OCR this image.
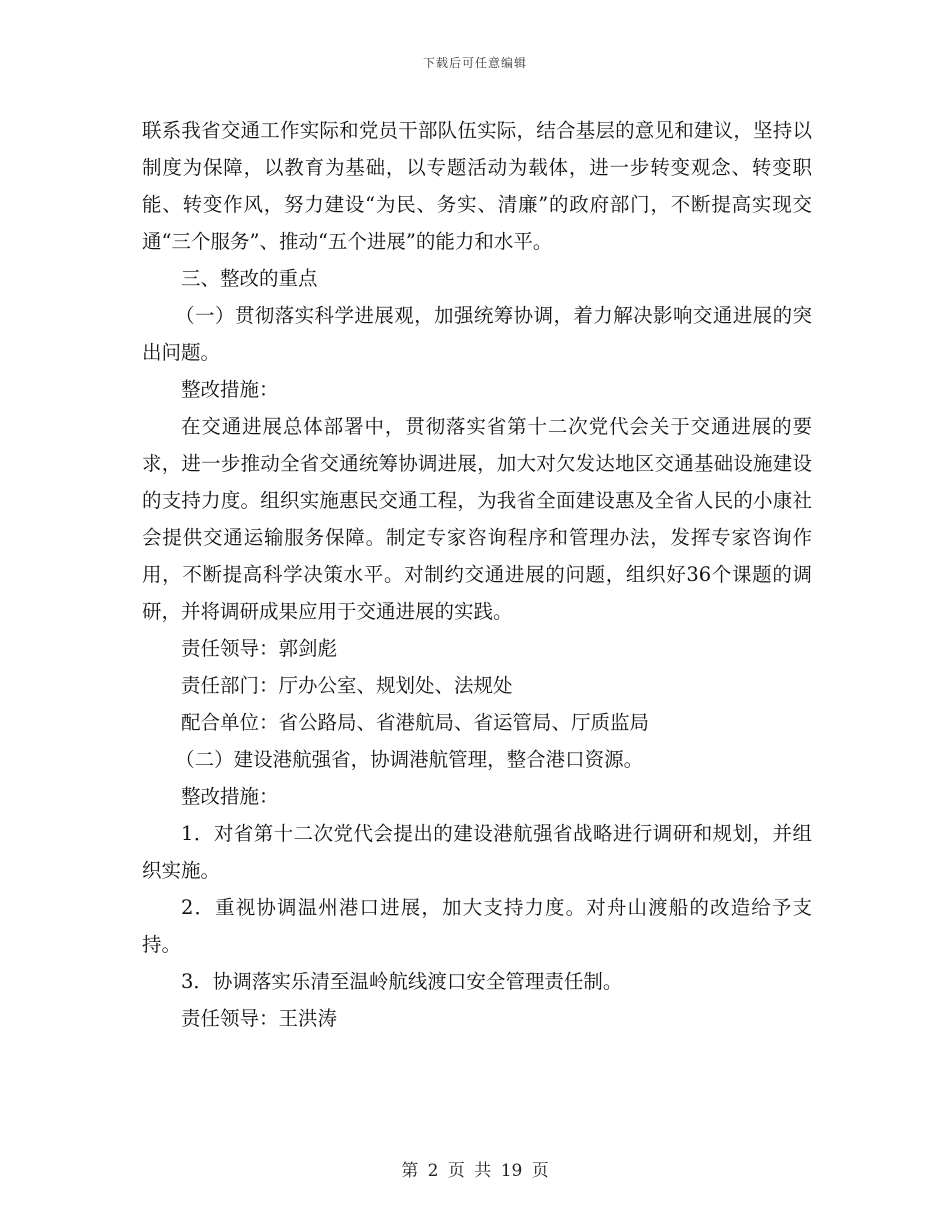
下载后可任意编辑

联系我省交通工作实际和党员干部队伍实际，结合基层的意见和建议，坚持以制度为保障，以教育为基础，以专题活动为载体，进一步转变观念、转变职能、转变作风，努力建设“为民、务实、清廉”的政府部门，不断提高实现交通“三个服务”、推动“五个进展”的能力和水平。

三、整改的重点

（一）贯彻落实科学进展观，加强统筹协调，着力解决影响交通进展的突出问题。

整改措施：

在交通进展总体部署中，贯彻落实省第十二次党代会关于交通进展的要求，进一步推动全省交通统筹协调进展，加大对欠发达地区交通基础设施建设的支持力度。组织实施惠民交通工程，为我省全面建设惠及全省人民的小康社会提供交通运输服务保障。制定专家咨询程序和管理办法，发挥专家咨询作用，不断提高科学决策水平。对制约交通进展的问题，组织好36个课题的调研，并将调研成果应用于交通进展的实践。

责任领导：郭剑彪

责任部门：厅办公室、规划处、法规处

配合单位：省公路局、省港航局、省运管局、厅质监局

（二）建设港航强省，协调港航管理，整合港口资源。

整改措施：

1．对省第十二次党代会提出的建设港航强省战略进行调研和规划，并组织实施。

2．重视协调温州港口进展，加大支持力度。对舟山渡船的改造给予支持。

3．协调落实乐清至温岭航线渡口安全管理责任制。

责任领导：王洪涛

第 2 页 共 19 页
